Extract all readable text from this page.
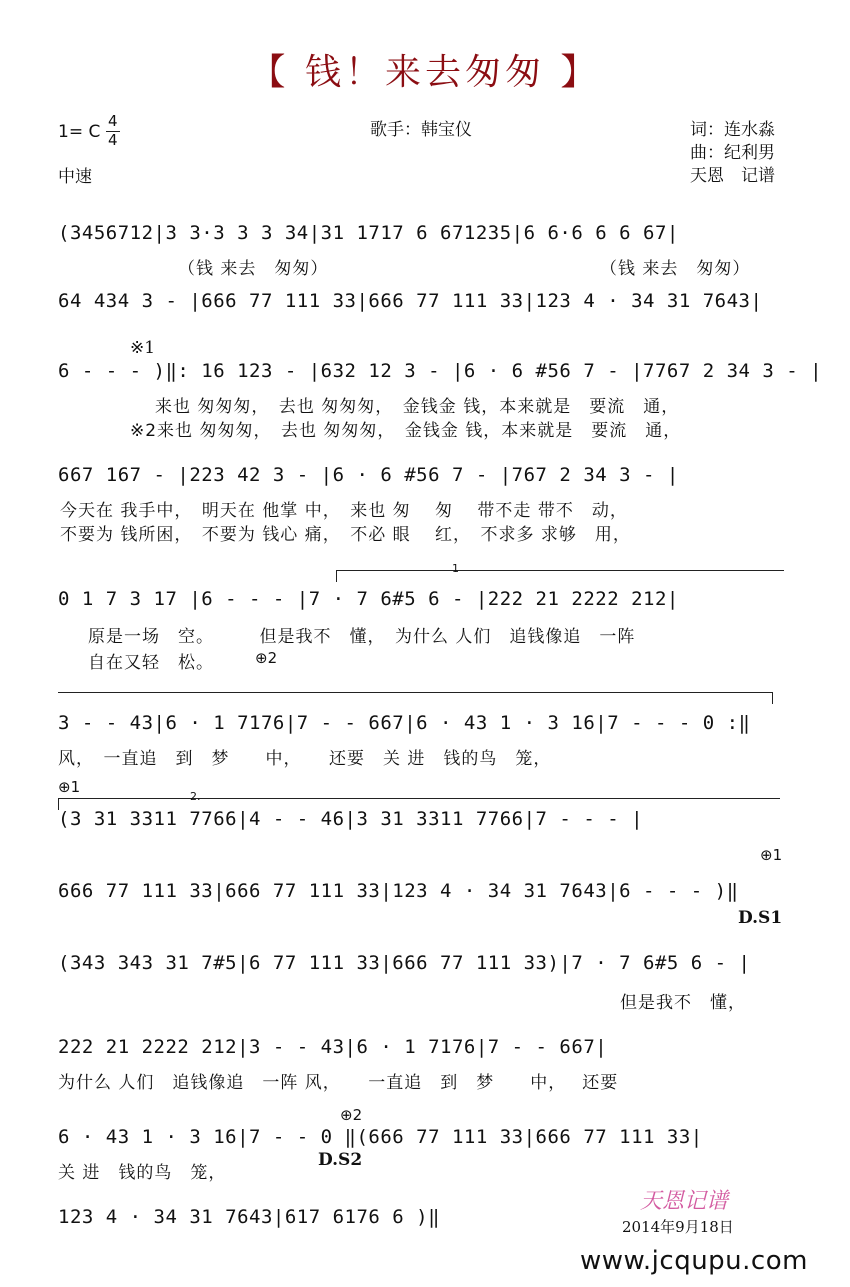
【 钱！来去匆匆 】
1= C
4
4
中速
歌手：韩宝仪	词：连水淼
曲：纪利男
天恩　记谱
(3456712|3 3·3 3 3 34|31 1717 6 671235|6 6·6 6 6 67|
（钱 来去　匆匆）	（钱 来去　匆匆）
64 434 3 - |666 77 111 33|666 77 111 33|123 4 · 34 31 7643|
※1
6 - - - )‖: 16 123 - |632 12 3 - |6 · 6 #56 7 - |7767 2 34 3 - |
来也 匆匆匆，　去也 匆匆匆，　金钱金 钱，本来就是　要流　通，
※2来也 匆匆匆，　去也 匆匆匆，　金钱金 钱，本来就是　要流　通，
667 167 - |223 42 3 - |6 · 6 #56 7 - |767 2 34 3 - |
今天在 我手中，　明天在 他掌 中，　来也 匆　 匆　 带不走 带不　动，
不要为 钱所困，　不要为 钱心 痛，　不必 眼　 红，　不求多 求够　用，
1
0 1 7 3 17 |6 - - - |7 · 7 6#5 6 - |222 21 2222 212|
原是一场　空。　　　但是我不　懂，　为什么 人们　追钱像追　一阵
自在又轻　松。	⊕2
3 - - 43|6 · 1 7176|7 - - 667|6 · 43 1 · 3 16|7 - - - 0 :‖
风，　一直追　到　梦　　中，　　还要　关 进　钱的鸟　笼，
⊕1
2.
(3 31 3311 7766|4 - - 46|3 31 3311 7766|7 - - - |
⊕1
666 77 111 33|666 77 111 33|123 4 · 34 31 7643|6 - - - )‖
D.S1
(343 343 31 7#5|6 77 111 33|666 77 111 33)|7 · 7 6#5 6 - |
但是我不　懂，
222 21 2222 212|3 - - 43|6 · 1 7176|7 - - 667|
为什么 人们　追钱像追　一阵 风，　　一直追　到　梦　　中，　 还要
⊕2
6 · 43 1 · 3 16|7 - - 0 ‖(666 77 111 33|666 77 111 33|
D.S2
关 进　钱的鸟　笼，
123 4 · 34 31 7643|617 6176 6 )‖
天恩记谱
2014年9月18日
www.jcqupu.com
